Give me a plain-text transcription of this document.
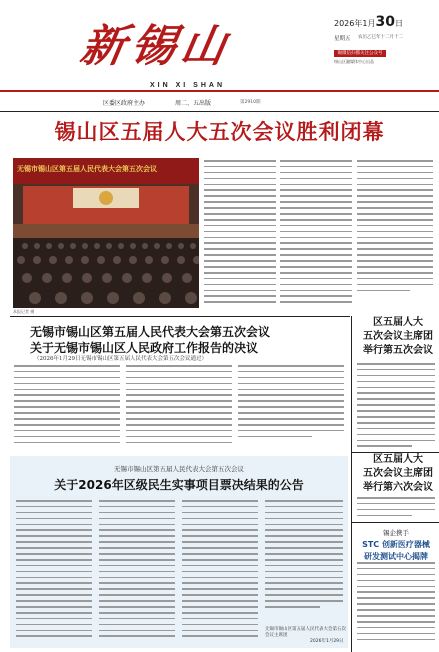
新锡山
XIN XI SHAN
2026年1月30日
星期五 农历乙巳年十二月十二
锡微信扫描关注公众号
锡山区融媒体中心出品
区委区政府主办	周二、五出版	第2910期
锡山区五届人大五次会议胜利闭幕
无锡市锡山区第五届人民代表大会第五次会议
本报记者 摄
无锡市锡山区第五届人民代表大会第五次会议
关于无锡市锡山区人民政府工作报告的决议
（2026年1月29日无锡市锡山区第五届人民代表大会第五次会议通过）
区五届人大
五次会议主席团
举行第五次会议
区五届人大
五次会议主席团
举行第六次会议
锡企携手
STC 创新医疗器械
研发测试中心揭牌
无锡市锡山区第五届人民代表大会第五次会议
关于2026年区级民生实事项目票决结果的公告
无锡市锡山区第五届人民代表大会第五次会议主席团
2026年1月29日
